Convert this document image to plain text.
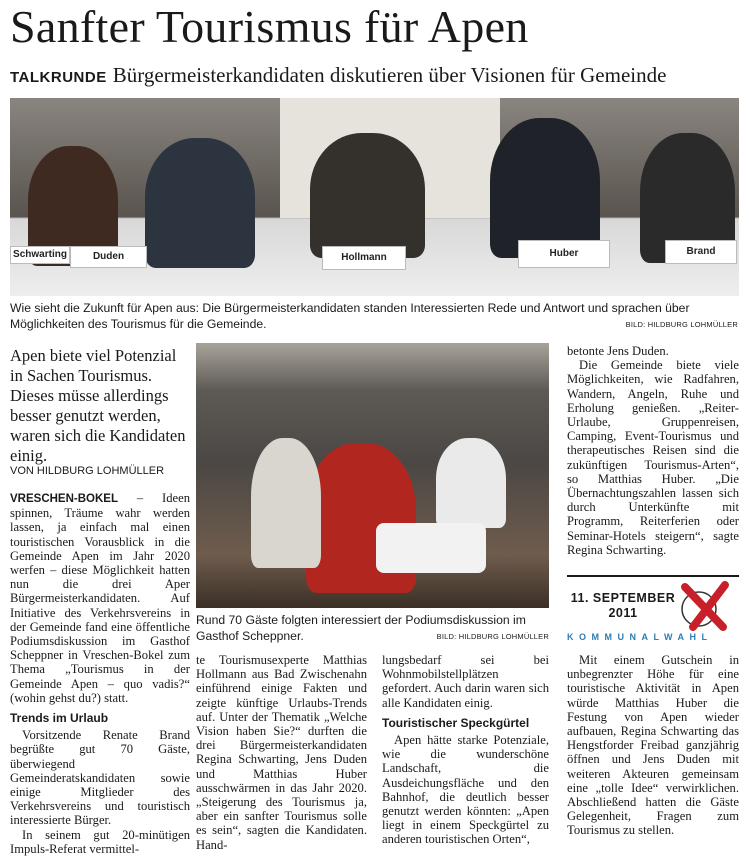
Sanfter Tourismus für Apen
TALKRUNDE Bürgermeisterkandidaten diskutieren über Visionen für Gemeinde
Schwarting	Duden	Hollmann	Huber	Brand
Wie sieht die Zukunft für Apen aus: Die Bürgermeisterkandidaten standen Interessierten Rede und Antwort und sprachen über Möglichkeiten des Tourismus für die Gemeinde.	BILD: HILDBURG LOHMÜLLER
Apen biete viel Potenzial in Sachen Tourismus. Dieses müsse allerdings besser genutzt werden, waren sich die Kandidaten einig.
VON HILDBURG LOHMÜLLER

VRESCHEN-BOKEL – Ideen spinnen, Träume wahr werden lassen, ja einfach mal einen touristischen Vorausblick in die Gemeinde Apen im Jahr 2020 werfen – diese Möglichkeit hatten nun die drei Aper Bürgermeisterkandidaten. Auf Initiative des Verkehrsvereins in der Gemeinde fand eine öffentliche Podiumsdiskussion im Gasthof Scheppner in Vreschen-Bokel zum Thema „Tourismus in der Gemeinde Apen – quo vadis?“ (wohin gehst du?) statt.

Trends im Urlaub

Vorsitzende Renate Brand begrüßte gut 70 Gäste, überwiegend Gemeinderatskandidaten sowie einige Mitglieder des Verkehrsvereins und touristisch interessierte Bürger.

In seinem gut 20-minütigen Impuls-Referat vermittel-

Rund 70 Gäste folgten interessiert der Podiumsdiskussion im Gasthof Scheppner.	BILD: HILDBURG LOHMÜLLER

te Tourismusexperte Matthias Hollmann aus Bad Zwischenahn einführend einige Fakten und zeigte künftige Urlaubs-Trends auf. Unter der Thematik „Welche Vision haben Sie?“ durften die drei Bürgermeisterkandidaten Regina Schwarting, Jens Duden und Matthias Huber ausschwärmen in das Jahr 2020. „Steigerung des Tourismus ja, aber ein sanfter Tourismus solle es sein“, sagten die Kandidaten. Hand-

lungsbedarf sei bei Wohnmobilstellplätzen gefordert. Auch darin waren sich alle Kandidaten einig.

Touristischer Speckgürtel

Apen hätte starke Potenziale, wie die wunderschöne Landschaft, die Ausdeichungsfläche und den Bahnhof, die deutlich besser genutzt werden könnten: „Apen liegt in einem Speckgürtel zu anderen touristischen Orten“,

betonte Jens Duden.

Die Gemeinde biete viele Möglichkeiten, wie Radfahren, Wandern, Angeln, Ruhe und Erholung genießen. „Reiter-Urlaube, Gruppenreisen, Camping, Event-Tourismus und therapeutisches Reisen sind die zukünftigen Tourismus-Arten“, so Matthias Huber. „Die Übernachtungszahlen lassen sich durch Unterkünfte mit Programm, Reiterferien oder Seminar-Hotels steigern“, sagte Regina Schwarting.

11. SEPTEMBER
2011
KOMMUNALWAHL

Mit einem Gutschein in unbegrenzter Höhe für eine touristische Aktivität in Apen würde Matthias Huber die Festung von Apen wieder aufbauen, Regina Schwarting das Hengstforder Freibad ganzjährig öffnen und Jens Duden mit weiteren Akteuren gemeinsam eine „tolle Idee“ verwirklichen. Abschließend hatten die Gäste Gelegenheit, Fragen zum Tourismus zu stellen.
